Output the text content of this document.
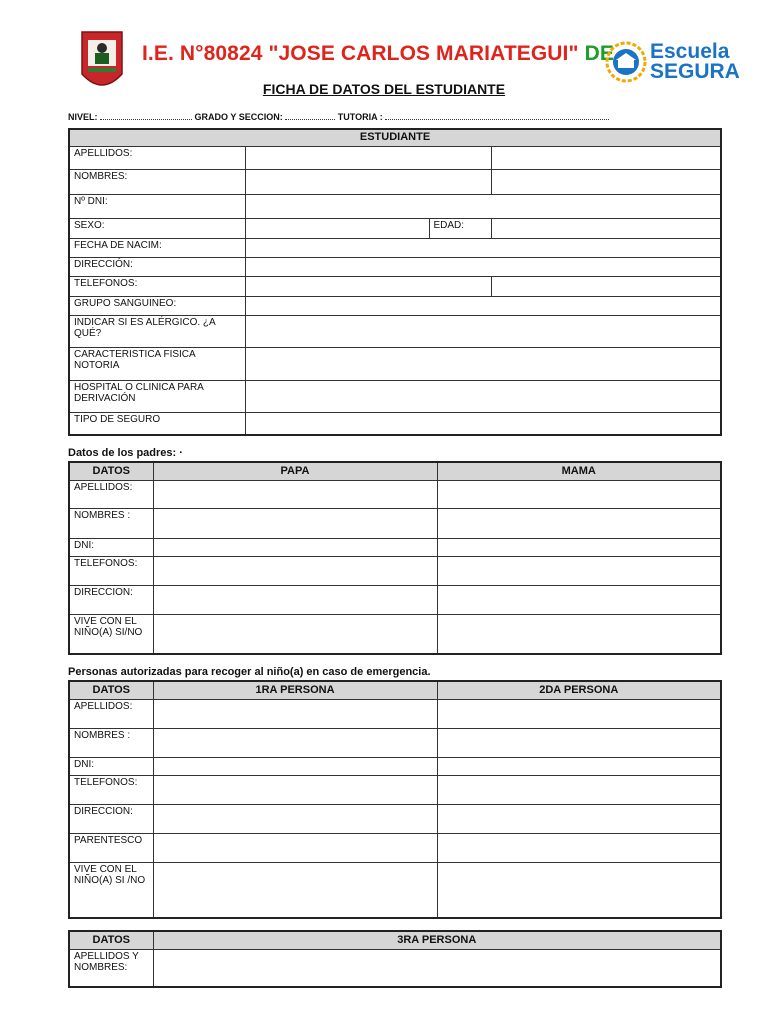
I.E. N°80824 "JOSE CARLOS MARIATEGUI" DE Escuela
SEGURA
FICHA DE DATOS DEL ESTUDIANTE
NIVEL:	GRADO Y SECCION:	TUTORIA :
ESTUDIANTE			
APELLIDOS:			
NOMBRES:			
Nº DNI:			
SEXO:		EDAD:	
FECHA DE NACIM:			
DIRECCIÓN:			
TELEFONOS:			
GRUPO SANGUINEO:			
INDICAR SI ES ALÉRGICO. ¿A QUÉ?			
CARACTERISTICA FISICA NOTORIA			
HOSPITAL O CLINICA PARA DERIVACIÓN			
TIPO DE SEGURO			
Datos de los padres: ·
DATOS	PAPA	MAMA
APELLIDOS:		
NOMBRES :		
DNI:		
TELEFONOS:		
DIRECCION:		
VIVE CON EL NIÑO(A) SI/NO		
Personas autorizadas para recoger al niño(a) en caso de emergencia.
DATOS	1RA PERSONA	2DA PERSONA
APELLIDOS:		
NOMBRES :		
DNI:		
TELEFONOS:		
DIRECCION:		
PARENTESCO		
VIVE CON EL NIÑO(A) SI /NO		
DATOS	3RA PERSONA
APELLIDOS Y NOMBRES:	
